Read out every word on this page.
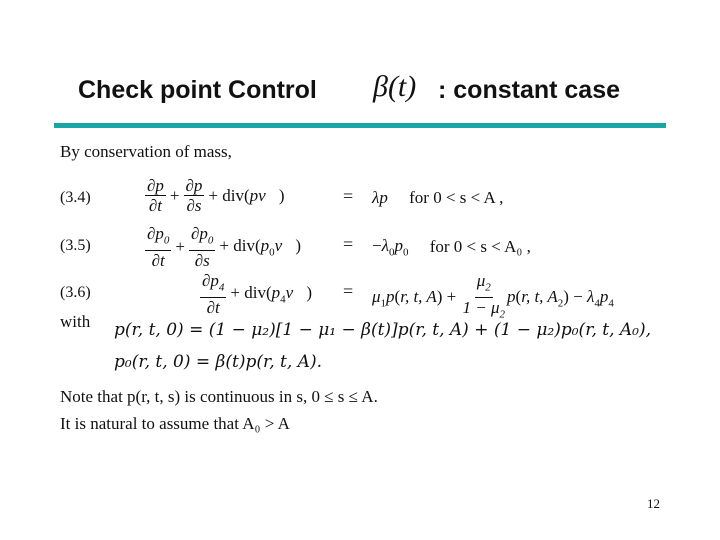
Check point Control β(t) : constant case
By conservation of mass,
(3.4)	$\frac{\partial p}{\partial t} + \frac{\partial p}{\partial s}$ + div(pv⃗)	= λp
for 0 < s < A ,
(3.5)	$\frac{\partial p_0}{\partial t} + \frac{\partial p_0}{\partial s}$ + $div(p_0v⃗) = -\lambda_0p_0$
for 0 < s < A₀ ,
(3.6)	$\frac{\partial p_4}{\partial t}$ + $div(p_4v⃗) = \mu_1p(r$, t, $A) + \frac{\mu_2}{1 - \mu_2} p(r$, t, $A_2) - \lambda_4p_4$
with p(r, t, 0) = (1 − μ₂)[1 − μ₁ − β(t)]p(r, t, A) + (1 − μ₂)p₀(r, t, A₀),
p₀(r, t, 0) = β(t)p(r, t, A).
Note that p(r, t, s) is continuous in s, 0 ≤ s ≤ A.
It is natural to assume that A₀ > A
12
